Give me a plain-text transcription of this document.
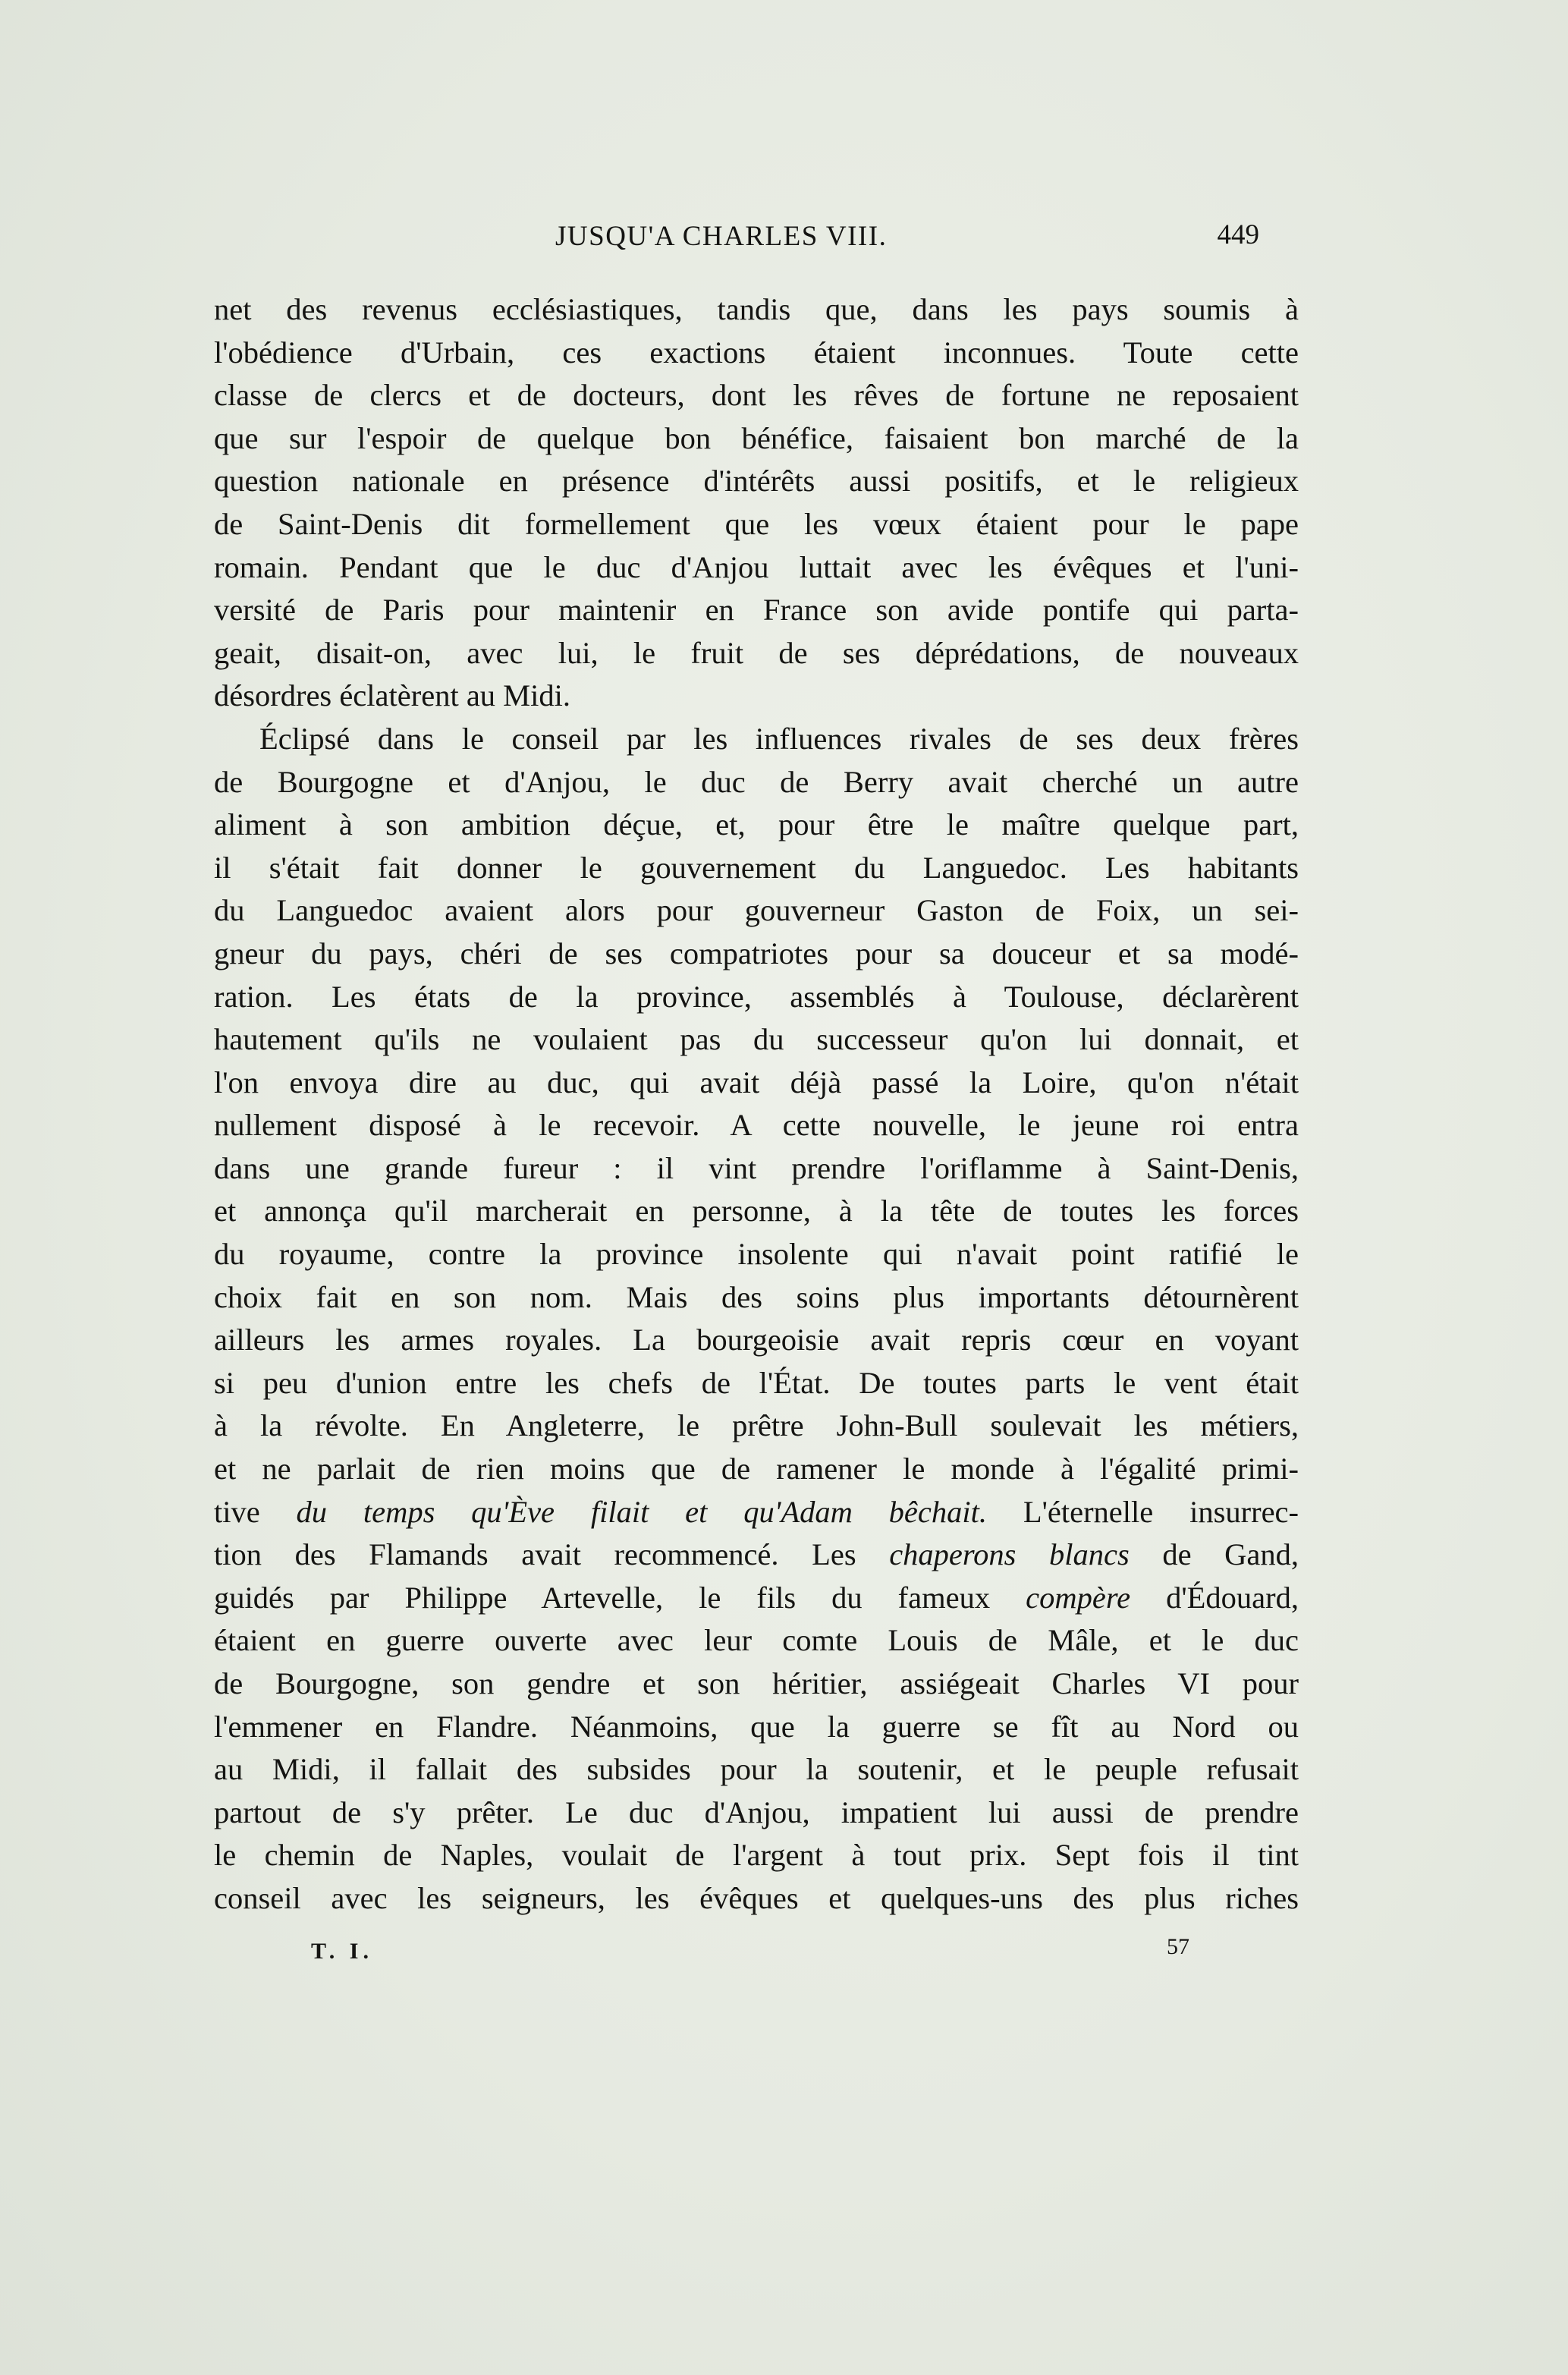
JUSQU'A CHARLES VIII.	449
net des revenus ecclésiastiques, tandis que, dans les pays soumis à
l'obédience d'Urbain, ces exactions étaient inconnues. Toute cette
classe de clercs et de docteurs, dont les rêves de fortune ne reposaient
que sur l'espoir de quelque bon bénéfice, faisaient bon marché de la
question nationale en présence d'intérêts aussi positifs, et le religieux
de Saint-Denis dit formellement que les vœux étaient pour le pape
romain. Pendant que le duc d'Anjou luttait avec les évêques et l'uni-
versité de Paris pour maintenir en France son avide pontife qui parta-
geait, disait-on, avec lui, le fruit de ses déprédations, de nouveaux
désordres éclatèrent au Midi.
Éclipsé dans le conseil par les influences rivales de ses deux frères
de Bourgogne et d'Anjou, le duc de Berry avait cherché un autre
aliment à son ambition déçue, et, pour être le maître quelque part,
il s'était fait donner le gouvernement du Languedoc. Les habitants
du Languedoc avaient alors pour gouverneur Gaston de Foix, un sei-
gneur du pays, chéri de ses compatriotes pour sa douceur et sa modé-
ration. Les états de la province, assemblés à Toulouse, déclarèrent
hautement qu'ils ne voulaient pas du successeur qu'on lui donnait, et
l'on envoya dire au duc, qui avait déjà passé la Loire, qu'on n'était
nullement disposé à le recevoir. A cette nouvelle, le jeune roi entra
dans une grande fureur : il vint prendre l'oriflamme à Saint-Denis,
et annonça qu'il marcherait en personne, à la tête de toutes les forces
du royaume, contre la province insolente qui n'avait point ratifié le
choix fait en son nom. Mais des soins plus importants détournèrent
ailleurs les armes royales. La bourgeoisie avait repris cœur en voyant
si peu d'union entre les chefs de l'État. De toutes parts le vent était
à la révolte. En Angleterre, le prêtre John-Bull soulevait les métiers,
et ne parlait de rien moins que de ramener le monde à l'égalité primi-
tive du temps qu'Ève filait et qu'Adam bêchait. L'éternelle insurrec-
tion des Flamands avait recommencé. Les chaperons blancs de Gand,
guidés par Philippe Artevelle, le fils du fameux compère d'Édouard,
étaient en guerre ouverte avec leur comte Louis de Mâle, et le duc
de Bourgogne, son gendre et son héritier, assiégeait Charles VI pour
l'emmener en Flandre. Néanmoins, que la guerre se fît au Nord ou
au Midi, il fallait des subsides pour la soutenir, et le peuple refusait
partout de s'y prêter. Le duc d'Anjou, impatient lui aussi de prendre
le chemin de Naples, voulait de l'argent à tout prix. Sept fois il tint
conseil avec les seigneurs, les évêques et quelques-uns des plus riches
T. I.	57
